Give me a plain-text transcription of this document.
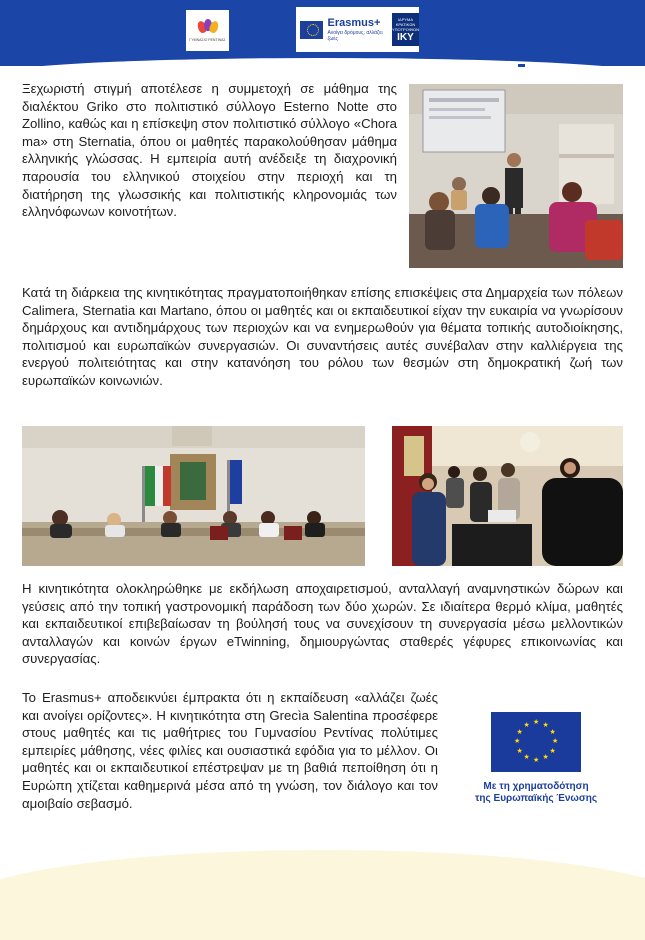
ΓΥΜΝΑΣΙΟ ΡΕΝΤΙΝΑΣ
Erasmus+
Ανοίγει δρόμους, αλλάζει ζωές
ΙΔΡΥΜΑ ΚΡΑΤΙΚΩΝ ΥΠΟΤΡΟΦΙΩΝ
IKY

Ξεχωριστή στιγμή αποτέλεσε η συμμετοχή σε μάθημα της διαλέκτου Griko στο πολιτιστικό σύλλογο Esterno Notte στο Zollino, καθώς και η επίσκεψη στον πολιτιστικό σύλλογο «Chora ma» στη Sternatia, όπου οι μαθητές παρακολούθησαν μάθημα ελληνικής γλώσσας. Η εμπειρία αυτή ανέδειξε τη διαχρονική παρουσία του ελληνικού στοιχείου στην περιοχή και τη διατήρηση της γλωσσικής και πολιτιστικής κληρονομιάς των ελληνόφωνων κοινοτήτων.

Κατά τη διάρκεια της κινητικότητας πραγματοποιήθηκαν επίσης επισκέψεις στα Δημαρχεία των πόλεων Calimera, Sternatia και Martano, όπου οι μαθητές και οι εκπαιδευτικοί είχαν την ευκαιρία να γνωρίσουν δημάρχους και αντιδημάρχους των περιοχών και να ενημερωθούν για θέματα τοπικής αυτοδιοίκησης, πολιτισμού και ευρωπαϊκών συνεργασιών. Οι συναντήσεις αυτές συνέβαλαν στην καλλιέργεια της ενεργού πολιτειότητας και στην κατανόηση του ρόλου των θεσμών στη δημοκρατική ζωή των ευρωπαϊκών κοινωνιών.

Η κινητικότητα ολοκληρώθηκε με εκδήλωση αποχαιρετισμού, ανταλλαγή αναμνηστικών δώρων και γεύσεις από την τοπική γαστρονομική παράδοση των δύο χωρών. Σε ιδιαίτερα θερμό κλίμα, μαθητές και εκπαιδευτικοί επιβεβαίωσαν τη βούλησή τους να συνεχίσουν τη συνεργασία μέσω μελλοντικών ανταλλαγών και κοινών έργων eTwinning, δημιουργώντας σταθερές γέφυρες επικοινωνίας και συνεργασίας.

Το Erasmus+ αποδεικνύει έμπρακτα ότι η εκπαίδευση «αλλάζει ζωές και ανοίγει ορίζοντες». Η κινητικότητα στη Grecìa Salentina προσέφερε στους μαθητές και τις μαθήτριες του Γυμνασίου Ρεντίνας πολύτιμες εμπειρίες μάθησης, νέες φιλίες και ουσιαστικά εφόδια για το μέλλον. Οι μαθητές και οι εκπαιδευτικοί επέστρεψαν με τη βαθιά πεποίθηση ότι η Ευρώπη χτίζεται καθημερινά μέσα από τη γνώση, τον διάλογο και τον αμοιβαίο σεβασμό.

★ ★
★
★
★
★
★
★
★
★
★
★
Με τη χρηματοδότηση
της Ευρωπαϊκής Ένωσης
